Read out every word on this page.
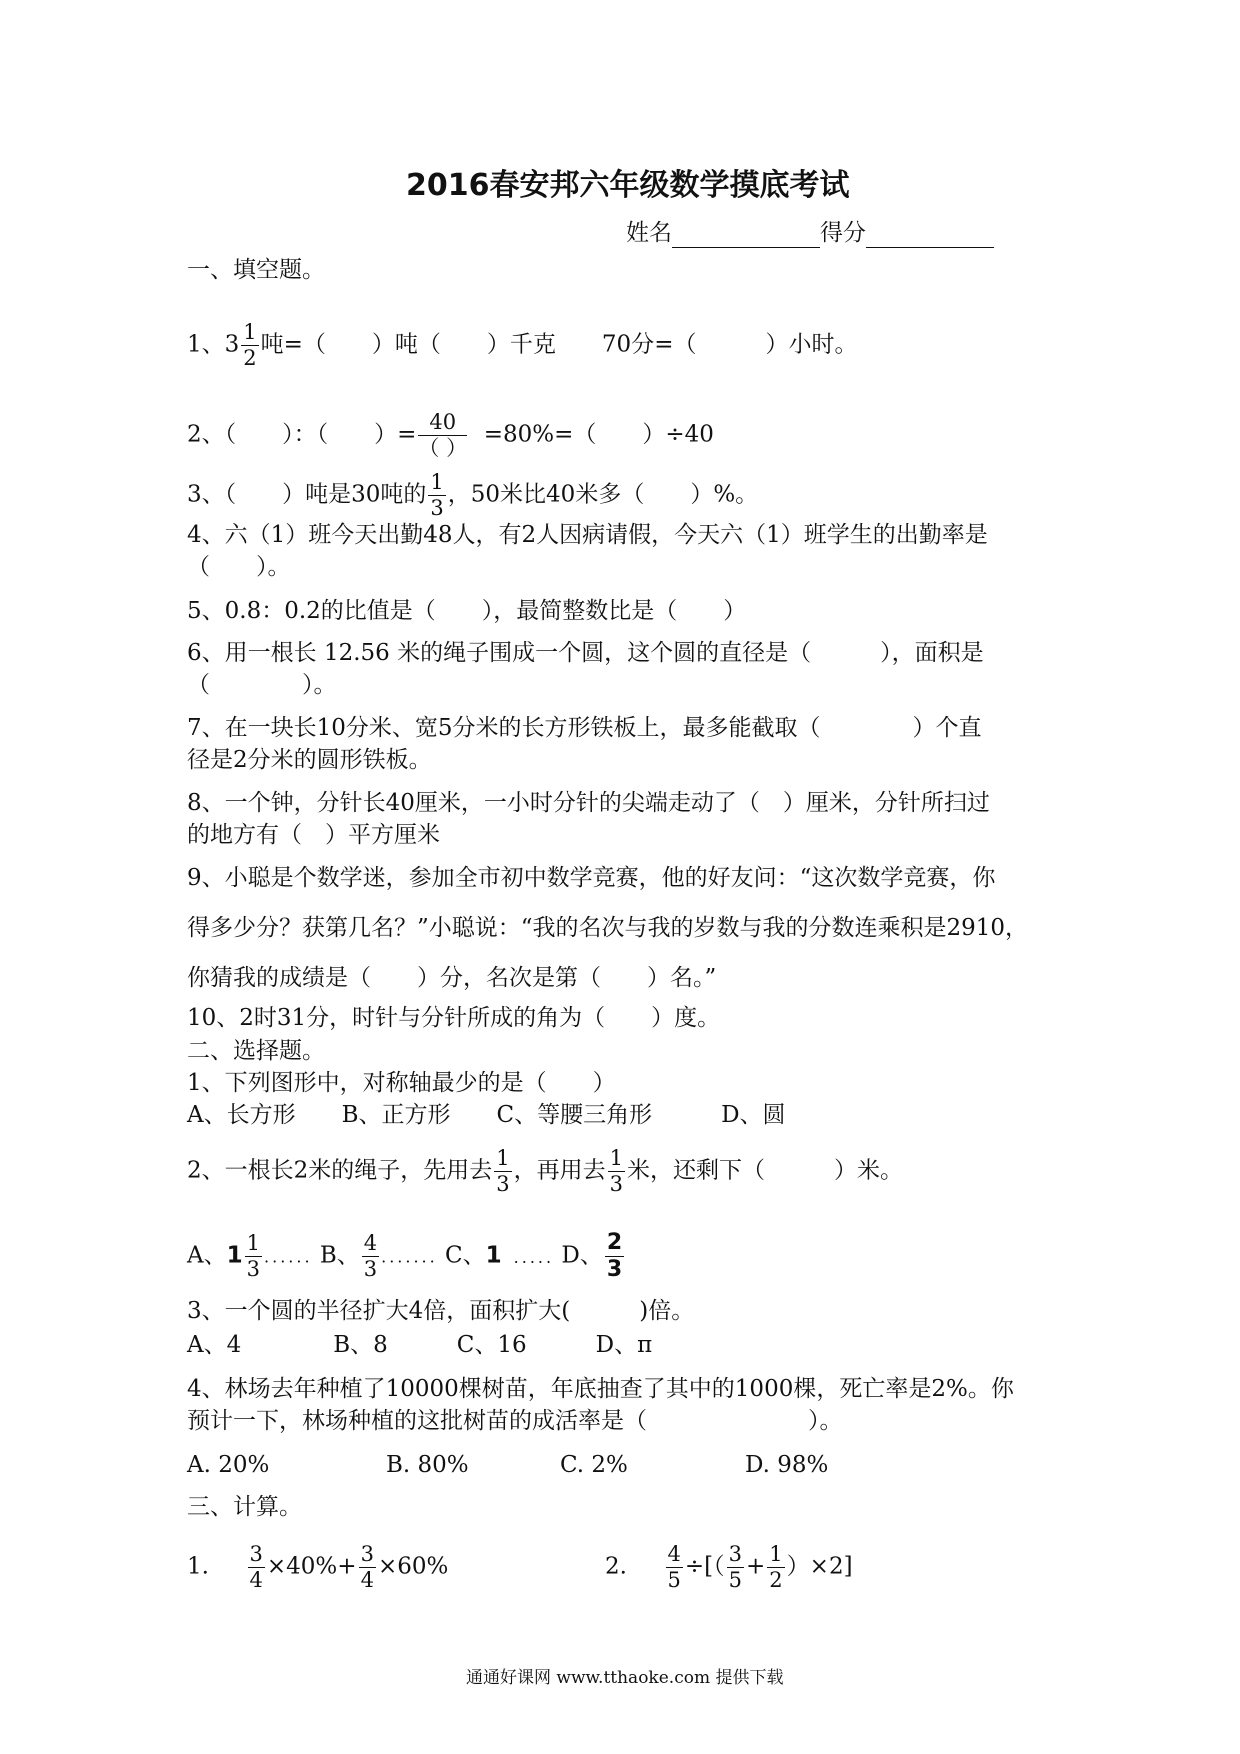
2016春安邦六年级数学摸底考试
姓名	得分
一、填空题。
1、$3 \frac{1}{2}$ 吨=（　　）吨（　　）千克　　70分=（　　　）小时。
2、（　　）：（　　）= $\frac{40}{( )} =80\%=$（　　）÷40
3、（　　）吨是30吨的 $\frac{1}{3}$ ，50米比40米多（　　）%。
4、六（1）班今天出勤48人，有2人因病请假，今天六（1）班学生的出勤率是
（　　）。
5、0.8：0.2的比值是（　　），最简整数比是（　　）
6、用一根长 12.56 米的绳子围成一个圆，这个圆的直径是（　　　），面积是
（　　　　）。
7、在一块长10分米、宽5分米的长方形铁板上，最多能截取（　　　　）个直
径是2分米的圆形铁板。
8、一个钟，分针长40厘米，一小时分针的尖端走动了（　）厘米，分针所扫过
的地方有（　）平方厘米
9、小聪是个数学迷，参加全市初中数学竞赛，他的好友问：“这次数学竞赛，你
得多少分？获第几名？”小聪说：“我的名次与我的岁数与我的分数连乘积是2910，
你猜我的成绩是（　　）分，名次是第（　　）名。”
10、2时31分，时针与分针所成的角为（　　）度。
二、选择题。
1、下列图形中，对称轴最少的是（　　）
A、长方形　　B、正方形　　C、等腰三角形　　　D、圆
2、一根长2米的绳子，先用去 $\frac{1}{3}$ ，再用去 $\frac{1}{3}$ 米，还剩下（　　　）米。
A、$1 \frac{1}{3}$ ...... B、 $\frac{4}{3}$ ....... C、1 ..... D、 $\frac{2}{3}$
3、一个圆的半径扩大4倍，面积扩大(　　　)倍。
A、4　　　　B、8　　　C、16　　　D、π
4、林场去年种植了10000棵树苗，年底抽查了其中的1000棵，死亡率是2%。你
预计一下，林场种植的这批树苗的成活率是（　　　　　　　）。
A. 20%	B. 80%	C. 2%	D. 98%
三、计算。
1. $\frac{3}{4} \times 40\%+ \frac{3}{4} \times 60\%$	2. $\frac{4}{5}$ ÷[（ $\frac{3}{5} + \frac{1}{2} )\times 2$]
通通好课网 www.tthaoke.com 提供下载
